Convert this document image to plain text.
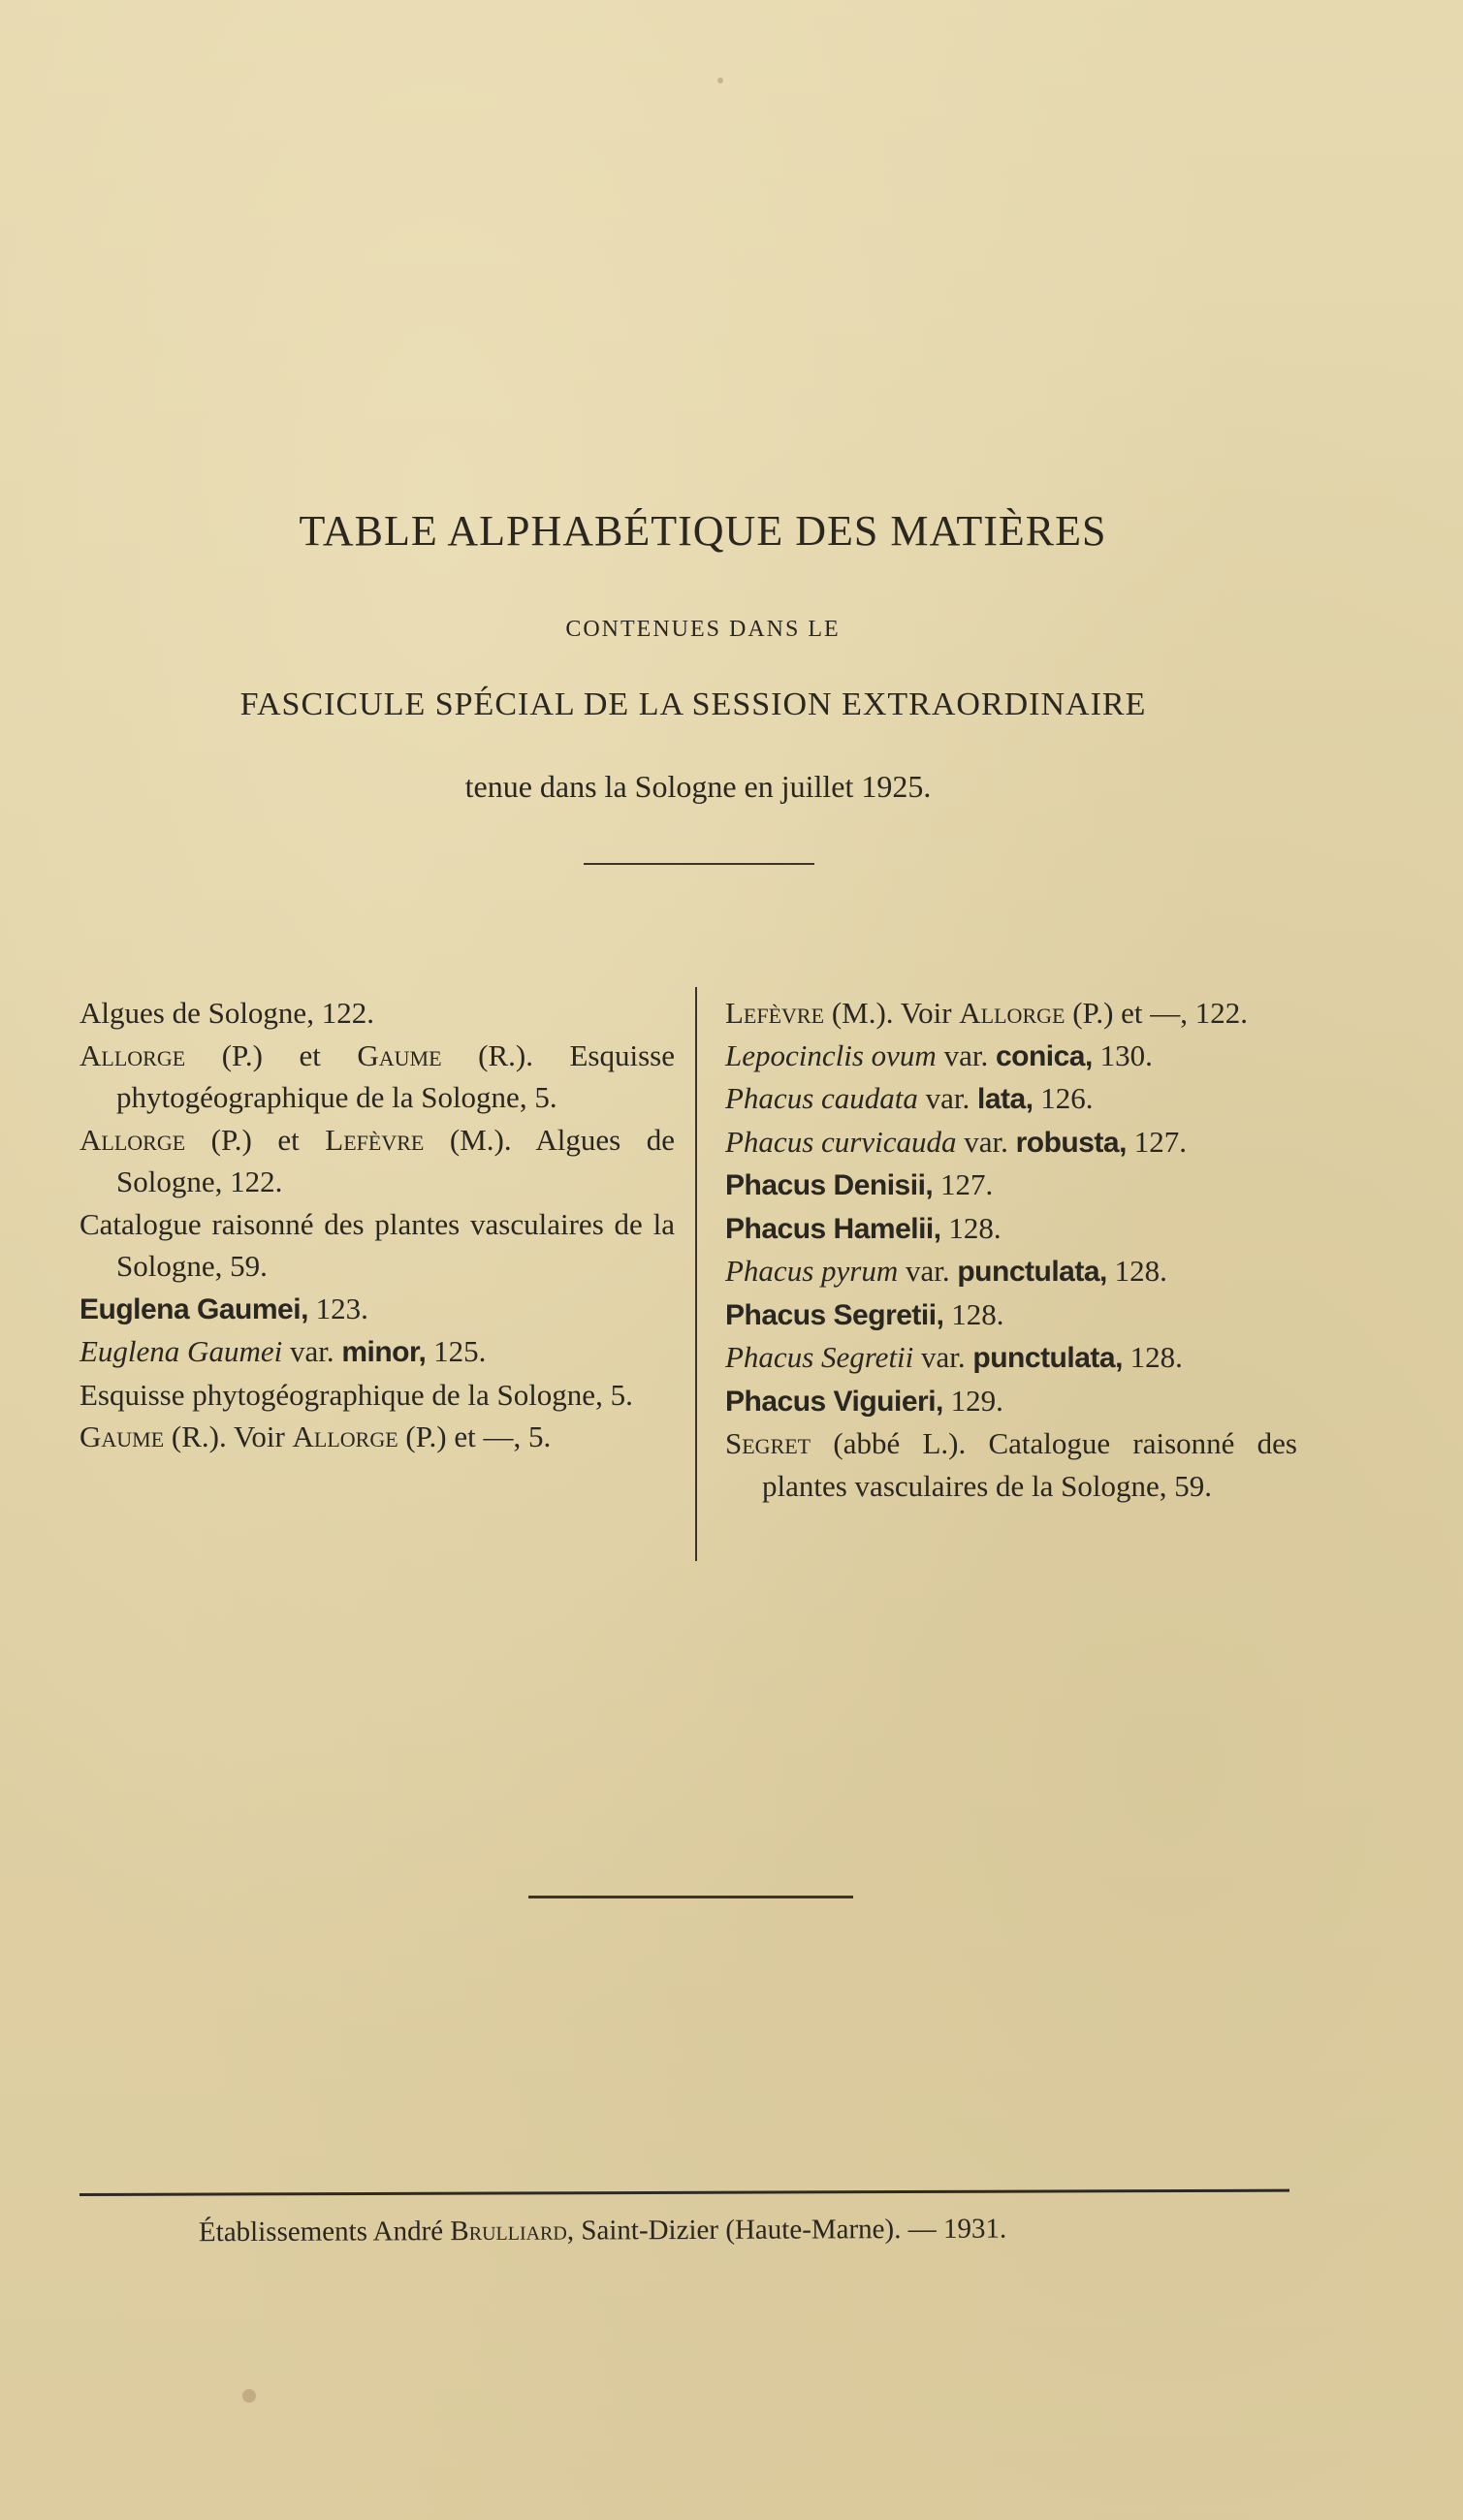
TABLE ALPHABÉTIQUE DES MATIÈRES
CONTENUES DANS LE
FASCICULE SPÉCIAL DE LA SESSION EXTRAORDINAIRE
tenue dans la Sologne en juillet 1925.

Algues de Sologne, 122.

Allorge (P.) et Gaume (R.). Esquisse phytogéographique de la Sologne, 5.

Allorge (P.) et Lefèvre (M.). Algues de Sologne, 122.

Catalogue raisonné des plantes vasculaires de la Sologne, 59.

Euglena Gaumei, 123.

Euglena Gaumei var. minor, 125.

Esquisse phytogéographique de la Sologne, 5.

Gaume (R.). Voir Allorge (P.) et —, 5.

Lefèvre (M.). Voir Allorge (P.) et —, 122.

Lepocinclis ovum var. conica, 130.

Phacus caudata var. lata, 126.

Phacus curvicauda var. robusta, 127.

Phacus Denisii, 127.

Phacus Hamelii, 128.

Phacus pyrum var. punctulata, 128.

Phacus Segretii, 128.

Phacus Segretii var. punctulata, 128.

Phacus Viguieri, 129.

Segret (abbé L.). Catalogue raisonné des plantes vasculaires de la Sologne, 59.

Établissements André Brulliard, Saint-Dizier (Haute-Marne). — 1931.
